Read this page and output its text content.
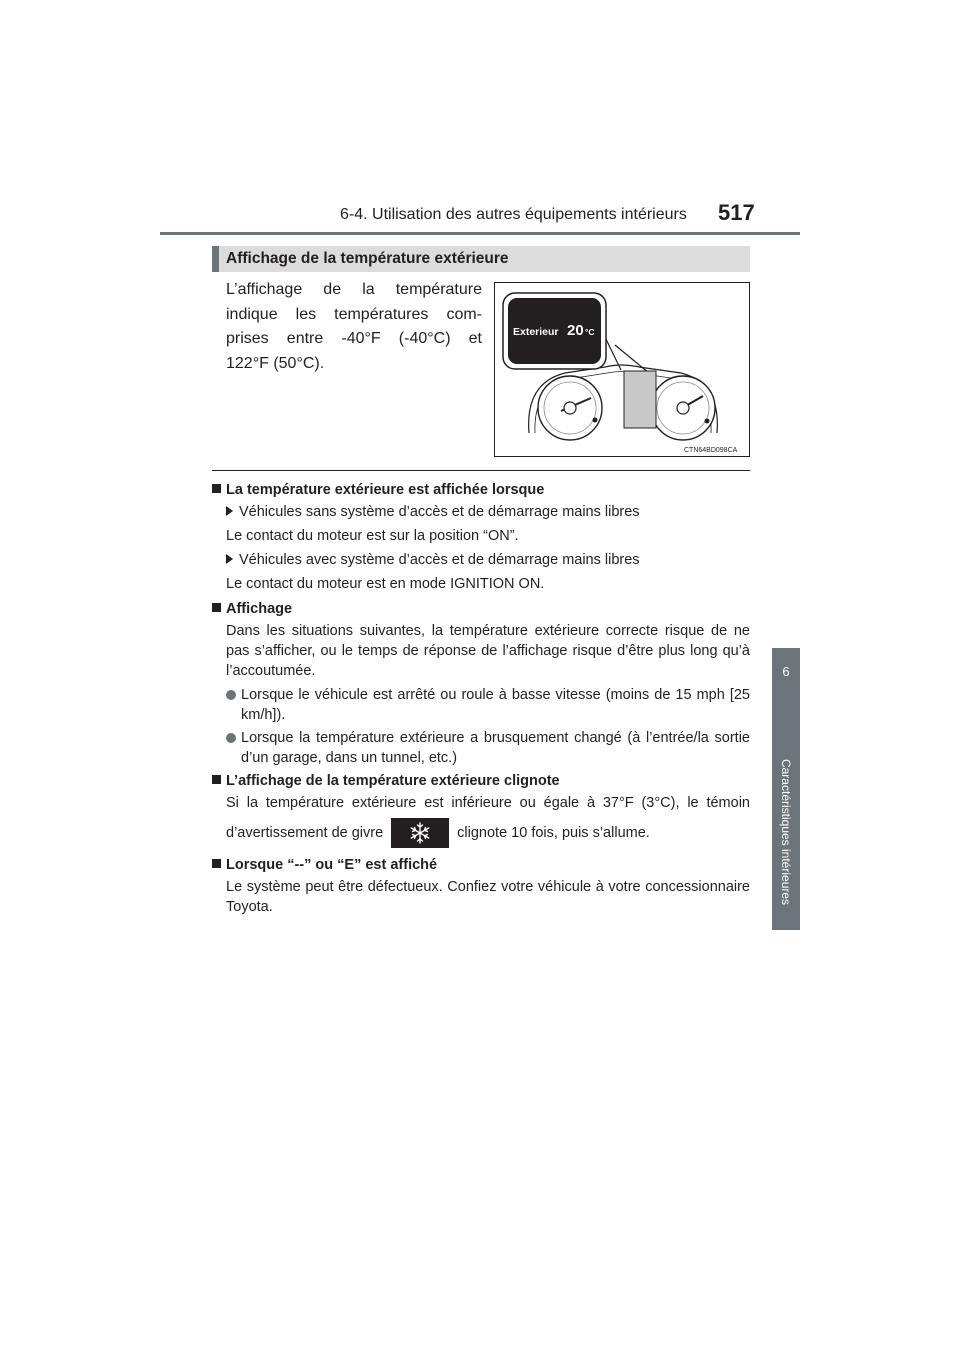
6-4. Utilisation des autres équipements intérieurs 517
6
Caractéristiques intérieures
Affichage de la température extérieure
L’affichage de la température
indique les températures com-
prises entre -40°F (-40°C) et
122°F (50°C).
Exterieur 20 °C
CTN64BD098CA
La température extérieure est affichée lorsque
Véhicules sans système d’accès et de démarrage mains libres
Le contact du moteur est sur la position “ON”.
Véhicules avec système d’accès et de démarrage mains libres
Le contact du moteur est en mode IGNITION ON.
Affichage
Dans les situations suivantes, la température extérieure correcte risque de ne pas s’afficher, ou le temps de réponse de l’affichage risque d’être plus long qu’à l’accoutumée.
Lorsque le véhicule est arrêté ou roule à basse vitesse (moins de 15 mph [25 km/h]).
Lorsque la température extérieure a brusquement changé (à l’entrée/la sortie d’un garage, dans un tunnel, etc.)
L’affichage de la température extérieure clignote
Si la température extérieure est inférieure ou égale à 37°F (3°C), le témoin
d’avertissement de givre	clignote 10 fois, puis s’allume.
Lorsque “--” ou “E” est affiché
Le système peut être défectueux. Confiez votre véhicule à votre concessionnaire Toyota.
